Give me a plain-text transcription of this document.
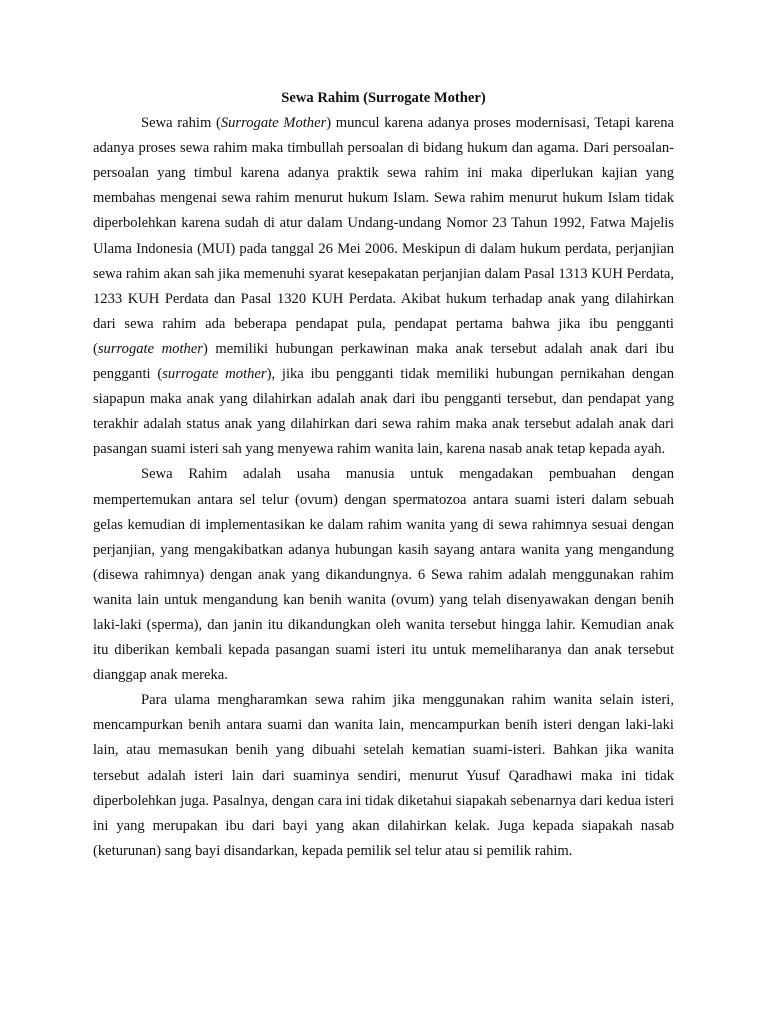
Sewa Rahim (Surrogate Mother)

Sewa rahim (Surrogate Mother) muncul karena adanya proses modernisasi, Tetapi karena adanya proses sewa rahim maka timbullah persoalan di bidang hukum dan agama. Dari persoalan-persoalan yang timbul karena adanya praktik sewa rahim ini maka diperlukan kajian yang membahas mengenai sewa rahim menurut hukum Islam. Sewa rahim menurut hukum Islam tidak diperbolehkan karena sudah di atur dalam Undang-undang Nomor 23 Tahun 1992, Fatwa Majelis Ulama Indonesia (MUI) pada tanggal 26 Mei 2006. Meskipun di dalam hukum perdata, perjanjian sewa rahim akan sah jika memenuhi syarat kesepakatan perjanjian dalam Pasal 1313 KUH Perdata, 1233 KUH Perdata dan Pasal 1320 KUH Perdata. Akibat hukum terhadap anak yang dilahirkan dari sewa rahim ada beberapa pendapat pula, pendapat pertama bahwa jika ibu pengganti (surrogate mother) memiliki hubungan perkawinan maka anak tersebut adalah anak dari ibu pengganti (surrogate mother), jika ibu pengganti tidak memiliki hubungan pernikahan dengan siapapun maka anak yang dilahirkan adalah anak dari ibu pengganti tersebut, dan pendapat yang terakhir adalah status anak yang dilahirkan dari sewa rahim maka anak tersebut adalah anak dari pasangan suami isteri sah yang menyewa rahim wanita lain, karena nasab anak tetap kepada ayah.

Sewa Rahim adalah usaha manusia untuk mengadakan pembuahan dengan mempertemukan antara sel telur (ovum) dengan spermatozoa antara suami isteri dalam sebuah gelas kemudian di implementasikan ke dalam rahim wanita yang di sewa rahimnya sesuai dengan perjanjian, yang mengakibatkan adanya hubungan kasih sayang antara wanita yang mengandung (disewa rahimnya) dengan anak yang dikandungnya. 6 Sewa rahim adalah menggunakan rahim wanita lain untuk mengandung kan benih wanita (ovum) yang telah disenyawakan dengan benih laki-laki (sperma), dan janin itu dikandungkan oleh wanita tersebut hingga lahir. Kemudian anak itu diberikan kembali kepada pasangan suami isteri itu untuk memeliharanya dan anak tersebut dianggap anak mereka.

Para ulama mengharamkan sewa rahim jika menggunakan rahim wanita selain isteri, mencampurkan benih antara suami dan wanita lain, mencampurkan benih isteri dengan laki-laki lain, atau memasukan benih yang dibuahi setelah kematian suami-isteri. Bahkan jika wanita tersebut adalah isteri lain dari suaminya sendiri, menurut Yusuf Qaradhawi maka ini tidak diperbolehkan juga. Pasalnya, dengan cara ini tidak diketahui siapakah sebenarnya dari kedua isteri ini yang merupakan ibu dari bayi yang akan dilahirkan kelak. Juga kepada siapakah nasab (keturunan) sang bayi disandarkan, kepada pemilik sel telur atau si pemilik rahim.
